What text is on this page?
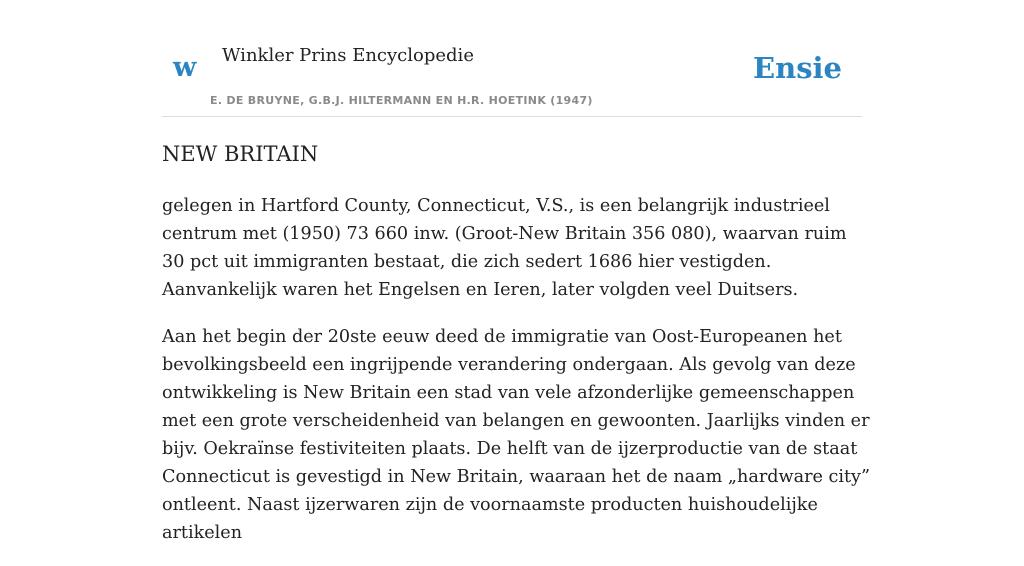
w Winkler Prins Encyclopedie
E. DE BRUYNE, G.B.J. HILTERMANN EN H.R. HOETINK (1947)
Ensie
NEW BRITAIN

gelegen in Hartford County, Connecticut, V.S., is een belangrijk industrieel centrum met (1950) 73 660 inw. (Groot-New Britain 356 080), waarvan ruim 30 pct uit immigranten bestaat, die zich sedert 1686 hier vestigden. Aanvankelijk waren het Engelsen en Ieren, later volgden veel Duitsers.

Aan het begin der 20ste eeuw deed de immigratie van Oost-Europeanen het bevolkingsbeeld een ingrijpende verandering ondergaan. Als gevolg van deze ontwikkeling is New Britain een stad van vele afzonderlijke gemeenschappen met een grote verscheidenheid van belangen en gewoonten. Jaarlijks vinden er bijv. Oekraïnse festiviteiten plaats. De helft van de ijzerproductie van de staat Connecticut is gevestigd in New Britain, waaraan het de naam „hardware city” ontleent. Naast ijzerwaren zijn de voornaamste producten huishoudelijke artikelen
